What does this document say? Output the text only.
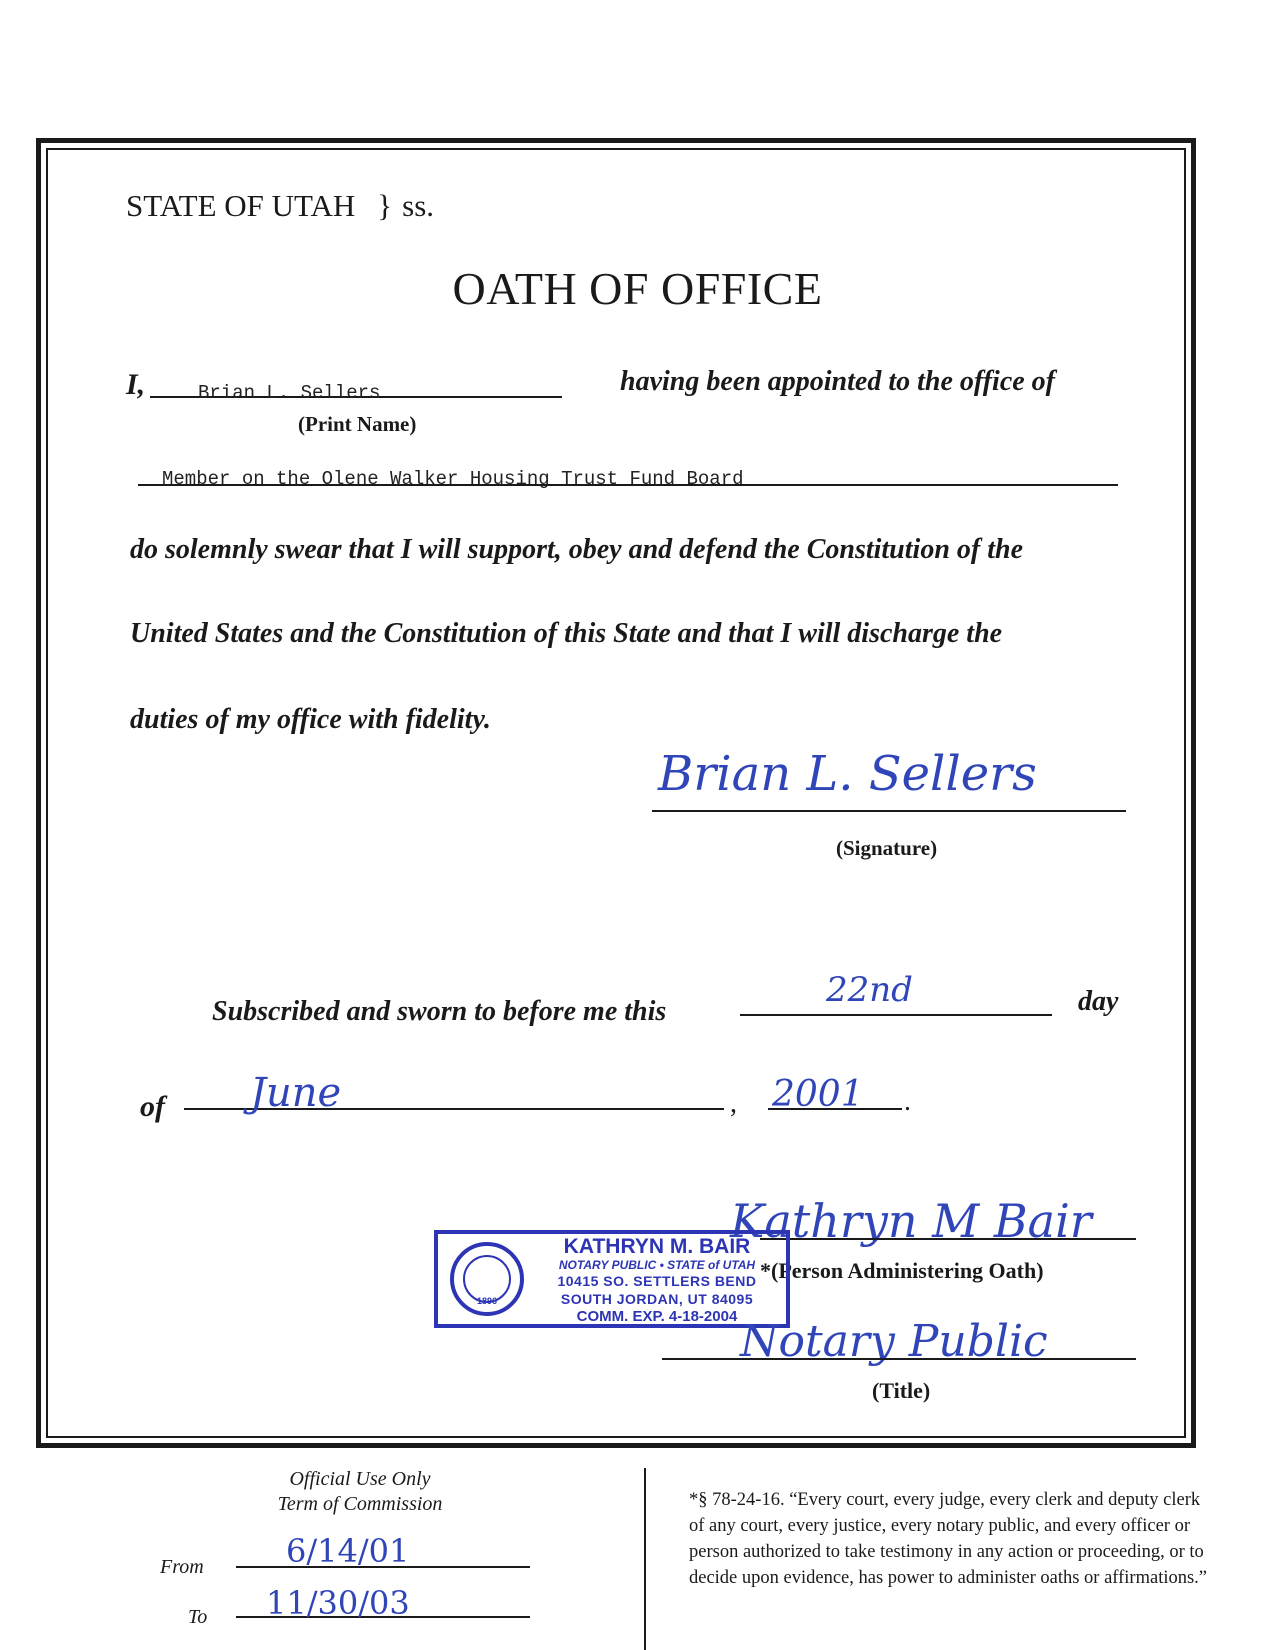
STATE OF UTAH } ss.
OATH OF OFFICE
I,	Brian L. Sellers
(Print Name)
having been appointed to the office of
Member on the Olene Walker Housing Trust Fund Board
do solemnly swear that I will support, obey and defend the Constitution of the
United States and the Constitution of this State and that I will discharge the
duties of my office with fidelity.
Brian L. Sellers
(Signature)
Subscribed and sworn to before me this
22nd	day
of June	, 2001 .
Kathryn M Bair
*(Person Administering Oath)
1896
KATHRYN M. BAIR
NOTARY PUBLIC • STATE of UTAH
10415 SO. SETTLERS BEND
SOUTH JORDAN, UT 84095
COMM. EXP. 4-18-2004 Notary Public
(Title)
Official Use Only
Term of Commission
From	6/14/01
To 11/30/03
*§ 78-24-16. “Every court, every judge, every clerk and deputy clerk of any court, every justice, every notary public, and every officer or person authorized to take testimony in any action or proceeding, or to decide upon evidence, has power to administer oaths or affirmations.”
